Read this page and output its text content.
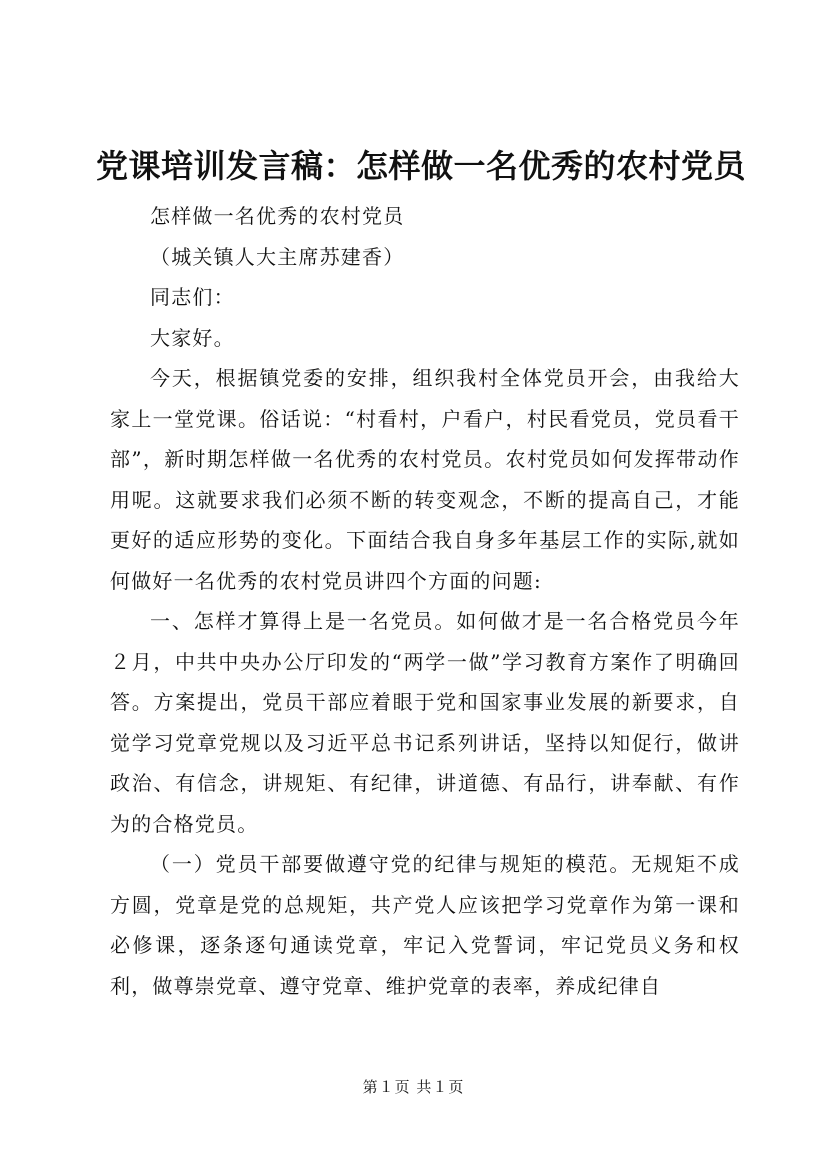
党课培训发言稿：怎样做一名优秀的农村党员

怎样做一名优秀的农村党员

（城关镇人大主席苏建香）

同志们：

大家好。

今天，根据镇党委的安排，组织我村全体党员开会，由我给大家上一堂党课。俗话说：“村看村，户看户，村民看党员，党员看干部”，新时期怎样做一名优秀的农村党员。农村党员如何发挥带动作用呢。这就要求我们必须不断的转变观念，不断的提高自己，才能更好的适应形势的变化。下面结合我自身多年基层工作的实际,就如何做好一名优秀的农村党员讲四个方面的问题:

一、怎样才算得上是一名党员。如何做才是一名合格党员今年２月，中共中央办公厅印发的“两学一做”学习教育方案作了明确回答。方案提出，党员干部应着眼于党和国家事业发展的新要求，自觉学习党章党规以及习近平总书记系列讲话，坚持以知促行，做讲政治、有信念，讲规矩、有纪律，讲道德、有品行，讲奉献、有作为的合格党员。

（一）党员干部要做遵守党的纪律与规矩的模范。无规矩不成方圆，党章是党的总规矩，共产党人应该把学习党章作为第一课和必修课，逐条逐句通读党章，牢记入党誓词，牢记党员义务和权利，做尊崇党章、遵守党章、维护党章的表率，养成纪律自

第１页 共１页
